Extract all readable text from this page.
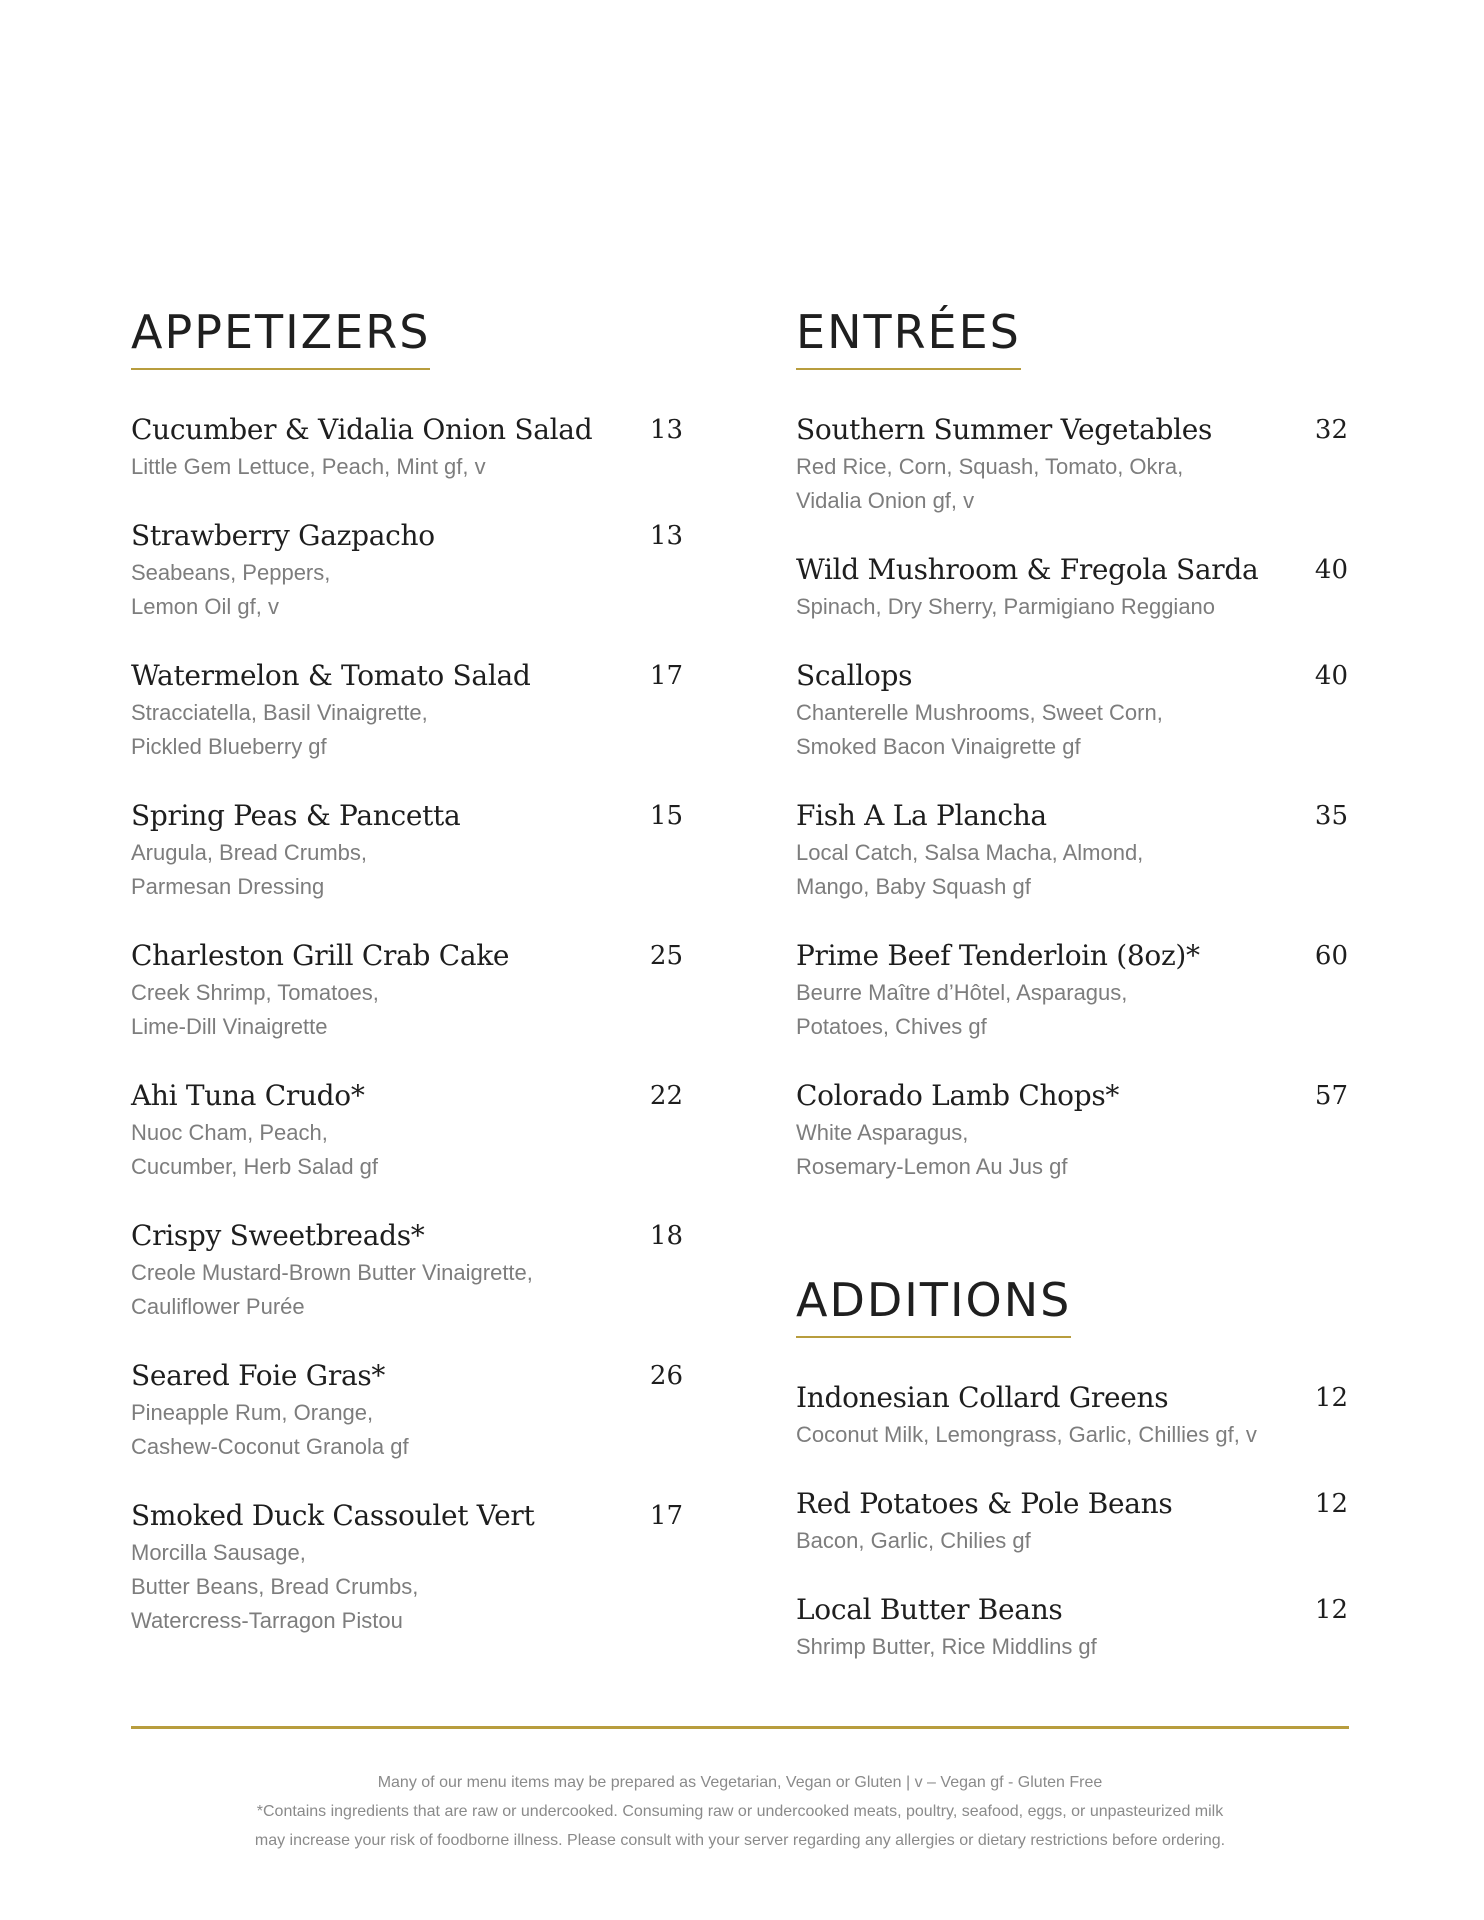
APPETIZERS
Cucumber & Vidalia Onion Salad	13
Little Gem Lettuce, Peach, Mint gf, v
Strawberry Gazpacho	13
Seabeans, Peppers,
Lemon Oil gf, v
Watermelon & Tomato Salad	17
Stracciatella, Basil Vinaigrette,
Pickled Blueberry gf
Spring Peas & Pancetta	15
Arugula, Bread Crumbs,
Parmesan Dressing
Charleston Grill Crab Cake	25
Creek Shrimp, Tomatoes,
Lime-Dill Vinaigrette
Ahi Tuna Crudo*	22
Nuoc Cham, Peach,
Cucumber, Herb Salad gf
Crispy Sweetbreads*	18
Creole Mustard-Brown Butter Vinaigrette,
Cauliflower Purée
Seared Foie Gras*	26
Pineapple Rum, Orange,
Cashew-Coconut Granola gf
Smoked Duck Cassoulet Vert	17
Morcilla Sausage,
Butter Beans, Bread Crumbs,
Watercress-Tarragon Pistou
ENTRÉES
Southern Summer Vegetables	32
Red Rice, Corn, Squash, Tomato, Okra,
Vidalia Onion gf, v
Wild Mushroom & Fregola Sarda	40
Spinach, Dry Sherry, Parmigiano Reggiano
Scallops	40
Chanterelle Mushrooms, Sweet Corn,
Smoked Bacon Vinaigrette gf
Fish A La Plancha	35
Local Catch, Salsa Macha, Almond,
Mango, Baby Squash gf
Prime Beef Tenderloin (8oz)*	60
Beurre Maître d’Hôtel, Asparagus,
Potatoes, Chives gf
Colorado Lamb Chops*	57
White Asparagus,
Rosemary-Lemon Au Jus gf
ADDITIONS
Indonesian Collard Greens	12
Coconut Milk, Lemongrass, Garlic, Chillies gf, v
Red Potatoes & Pole Beans	12
Bacon, Garlic, Chilies gf
Local Butter Beans	12
Shrimp Butter, Rice Middlins gf
Many of our menu items may be prepared as Vegetarian, Vegan or Gluten | v – Vegan gf - Gluten Free
*Contains ingredients that are raw or undercooked. Consuming raw or undercooked meats, poultry, seafood, eggs, or unpasteurized milk
may increase your risk of foodborne illness. Please consult with your server regarding any allergies or dietary restrictions before ordering.
